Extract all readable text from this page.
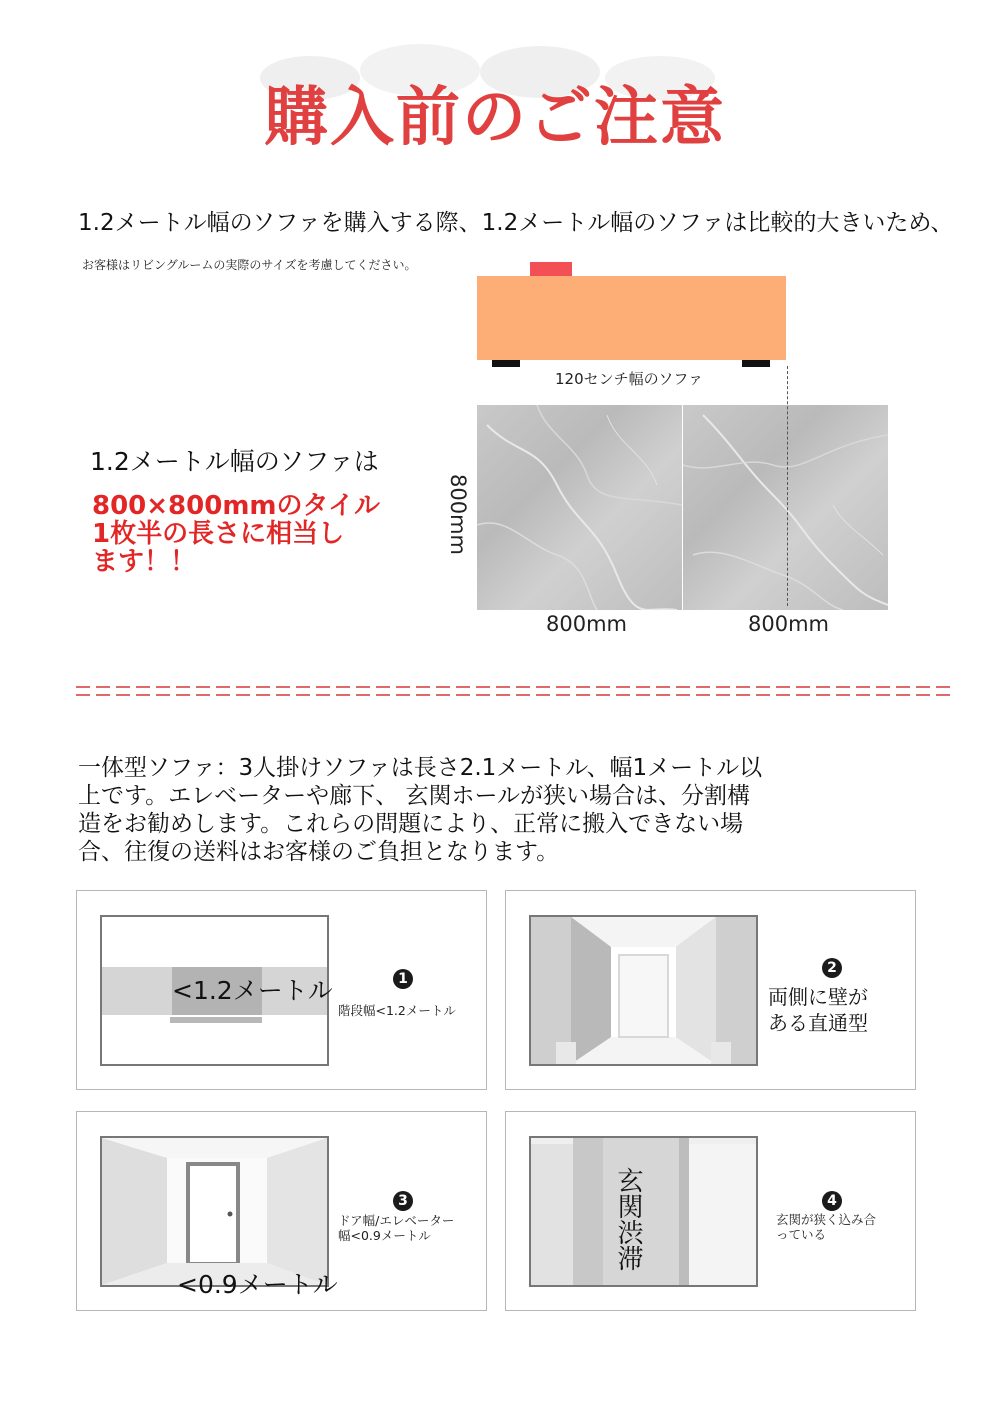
購入前のご注意
1.2メートル幅のソファを購入する際、1.2メートル幅のソファは比較的大きいため、
お客様はリビングルームの実際のサイズを考慮してください。
120センチ幅のソファ
800mm
800mm	800mm
1.2メートル幅のソファは
800×800mmのタイル
1枚半の長さに相当し
ます！！
一体型ソファ：3人掛けソファは長さ2.1メートル、幅1メートル以
上です。エレベーターや廊下、 玄関ホールが狭い場合は、分割構
造をお勧めします。これらの問題により、正常に搬入できない場
合、往復の送料はお客様のご負担となります。
<1.2メートル	1
階段幅<1.2メートル
2
両側に壁が
ある直通型
<0.9メートル
3
ドア幅/エレベーター
幅<0.9メートル	玄関渋滞	4
玄関が狭く込み合
っている
